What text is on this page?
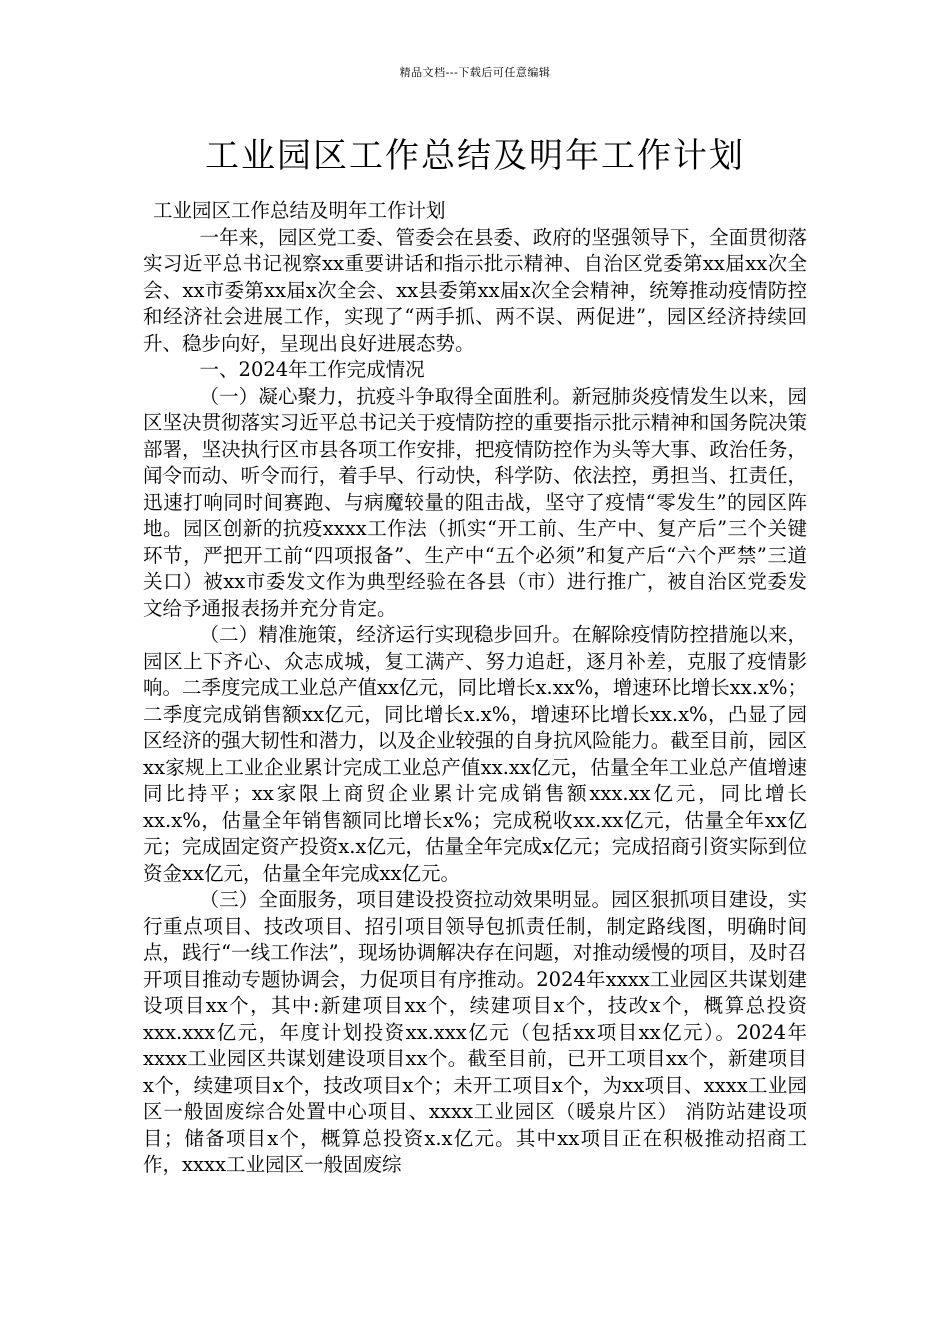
精品文档---下载后可任意编辑
工业园区工作总结及明年工作计划

工业园区工作总结及明年工作计划

一年来，园区党工委、管委会在县委、政府的坚强领导下，全面贯彻落实习近平总书记视察xx重要讲话和指示批示精神、自治区党委第xx届xx次全会、xx市委第xx届x次全会、xx县委第xx届x次全会精神，统筹推动疫情防控和经济社会进展工作，实现了“两手抓、两不误、两促进”，园区经济持续回升、稳步向好，呈现出良好进展态势。

一、2024年工作完成情况

（一）凝心聚力，抗疫斗争取得全面胜利。新冠肺炎疫情发生以来，园区坚决贯彻落实习近平总书记关于疫情防控的重要指示批示精神和国务院决策部署，坚决执行区市县各项工作安排，把疫情防控作为头等大事、政治任务，闻令而动、听令而行，着手早、行动快，科学防、依法控，勇担当、扛责任，迅速打响同时间赛跑、与病魔较量的阻击战，坚守了疫情“零发生”的园区阵地。园区创新的抗疫xxxx工作法（抓实“开工前、生产中、复产后”三个关键环节，严把开工前“四项报备”、生产中“五个必须”和复产后“六个严禁”三道关口）被xx市委发文作为典型经验在各县（市）进行推广，被自治区党委发文给予通报表扬并充分肯定。

（二）精准施策，经济运行实现稳步回升。在解除疫情防控措施以来，园区上下齐心、众志成城，复工满产、努力追赶，逐月补差，克服了疫情影响。二季度完成工业总产值xx亿元，同比增长x.xx%，增速环比增长xx.x%；二季度完成销售额xx亿元，同比增长x.x%，增速环比增长xx.x%，凸显了园区经济的强大韧性和潜力，以及企业较强的自身抗风险能力。截至目前，园区xx家规上工业企业累计完成工业总产值xx.xx亿元，估量全年工业总产值增速同比持平；xx家限上商贸企业累计完成销售额xxx.xx亿元，同比增长xx.x%，估量全年销售额同比增长x%；完成税收xx.xx亿元，估量全年xx亿元；完成固定资产投资x.x亿元，估量全年完成x亿元；完成招商引资实际到位资金xx亿元，估量全年完成xx亿元。

（三）全面服务，项目建设投资拉动效果明显。园区狠抓项目建设，实行重点项目、技改项目、招引项目领导包抓责任制，制定路线图，明确时间点，践行“一线工作法”，现场协调解决存在问题，对推动缓慢的项目，及时召开项目推动专题协调会，力促项目有序推动。2024年xxxx工业园区共谋划建设项目xx个，其中:新建项目xx个，续建项目x个，技改x个，概算总投资xxx.xxx亿元，年度计划投资xx.xxx亿元（包括xx项目xx亿元）。2024年xxxx工业园区共谋划建设项目xx个。截至目前，已开工项目xx个，新建项目x个，续建项目x个，技改项目x个；未开工项目x个，为xx项目、xxxx工业园区一般固废综合处置中心项目、xxxx工业园区（暖泉片区） 消防站建设项目；储备项目x个，概算总投资x.x亿元。其中xx项目正在积极推动招商工作，xxxx工业园区一般固废综
